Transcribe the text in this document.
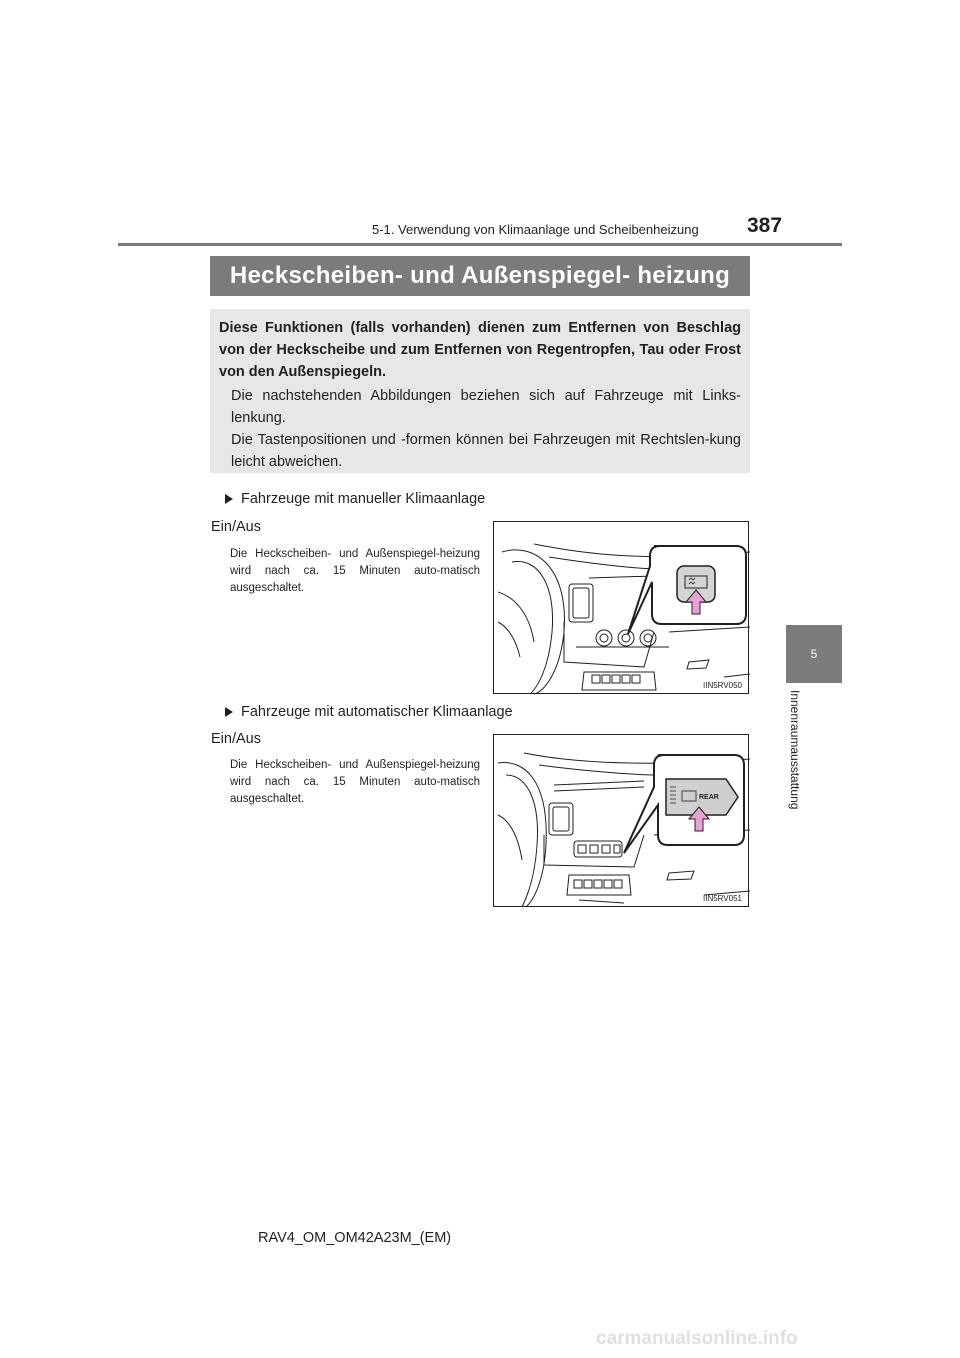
5-1. Verwendung von Klimaanlage und Scheibenheizung 387
5
Innenraumausstattung
Heckscheiben- und Außenspiegel- heizung
Diese Funktionen (falls vorhanden) dienen zum Entfernen von Beschlag von der Heckscheibe und zum Entfernen von Regentropfen, Tau oder Frost von den Außenspiegeln.
Die nachstehenden Abbildungen beziehen sich auf Fahrzeuge mit Links-lenkung.
Die Tastenpositionen und -formen können bei Fahrzeugen mit Rechtslen-kung leicht abweichen.
Fahrzeuge mit manueller Klimaanlage
Ein/Aus
Die Heckscheiben- und Außenspiegel-heizung wird nach ca. 15 Minuten auto-matisch ausgeschaltet.
IIN5RV050
Fahrzeuge mit automatischer Klimaanlage
Ein/Aus
Die Heckscheiben- und Außenspiegel-heizung wird nach ca. 15 Minuten auto-matisch ausgeschaltet.	REAR
IIN5RV051
RAV4_OM_OM42A23M_(EM)
carmanualsonline.info
